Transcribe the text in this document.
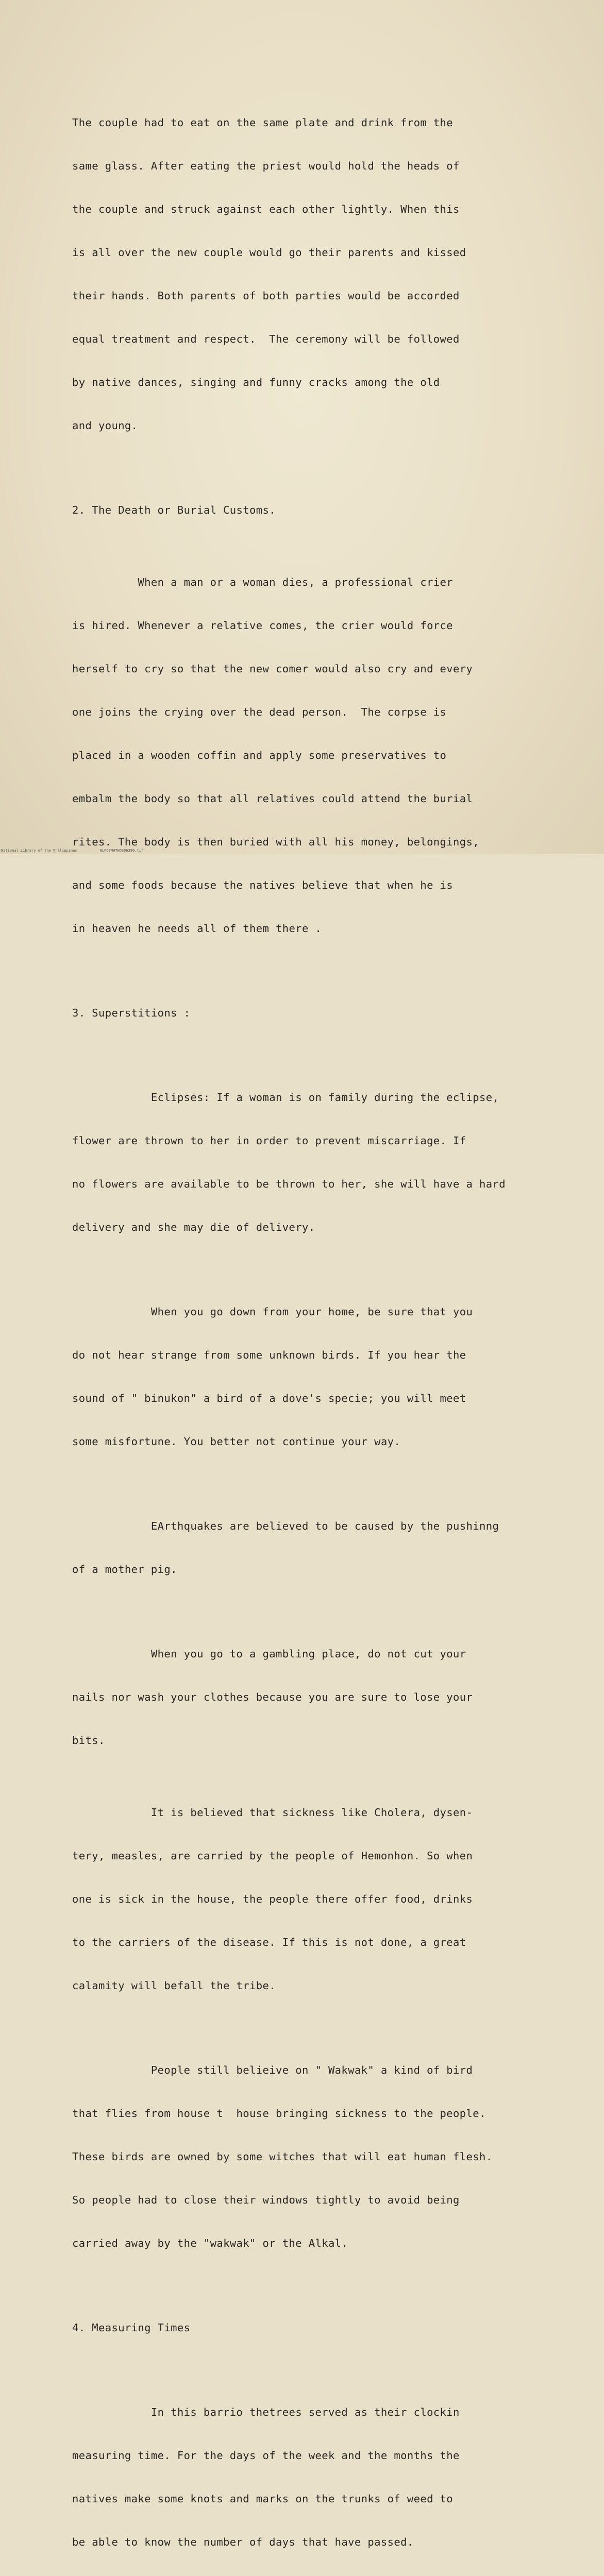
The couple had to eat on the same plate and drink from the

same glass. After eating the priest would hold the heads of

the couple and struck against each other lightly. When this

is all over the new couple would go their parents and kissed

their hands. Both parents of both parties would be accorded

equal treatment and respect.  The ceremony will be followed

by native dances, singing and funny cracks among the old

and young.

2. The Death or Burial Customs.

When a man or a woman dies, a professional crier

is hired. Whenever a relative comes, the crier would force

herself to cry so that the new comer would also cry and every

one joins the crying over the dead person.  The corpse is

placed in a wooden coffin and apply some preservatives to

embalm the body so that all relatives could attend the burial

rites. The body is then buried with all his money, belongings,

and some foods because the natives believe that when he is

in heaven he needs all of them there .

3. Superstitions :

Eclipses: If a woman is on family during the eclipse,

flower are thrown to her in order to prevent miscarriage. If

no flowers are available to be thrown to her, she will have a hard

delivery and she may die of delivery.

When you go down from your home, be sure that you

do not hear strange from some unknown birds. If you hear the

sound of " binukon" a bird of a dove's specie; you will meet

some misfortune. You better not continue your way.

EArthquakes are believed to be caused by the pushinng

of a mother pig.

When you go to a gambling place, do not cut your

nails nor wash your clothes because you are sure to lose your

bits.

It is believed that sickness like Cholera, dysen-

tery, measles, are carried by the people of Hemonhon. So when

one is sick in the house, the people there offer food, drinks

to the carriers of the disease. If this is not done, a great

calamity will befall the tribe.

People still belieive on " Wakwak" a kind of bird

that flies from house t  house bringing sickness to the people.

These birds are owned by some witches that will eat human flesh.

So people had to close their windows tightly to avoid being

carried away by the "wakwak" or the Alkal.

4. Measuring Times

In this barrio thetrees served as their clockin

measuring time. For the days of the week and the months the

natives make some knots and marks on the trunks of weed to

be able to know the number of days that have passed.

National Library of the Philippines	HLPOSMHTHOS06390.tif
